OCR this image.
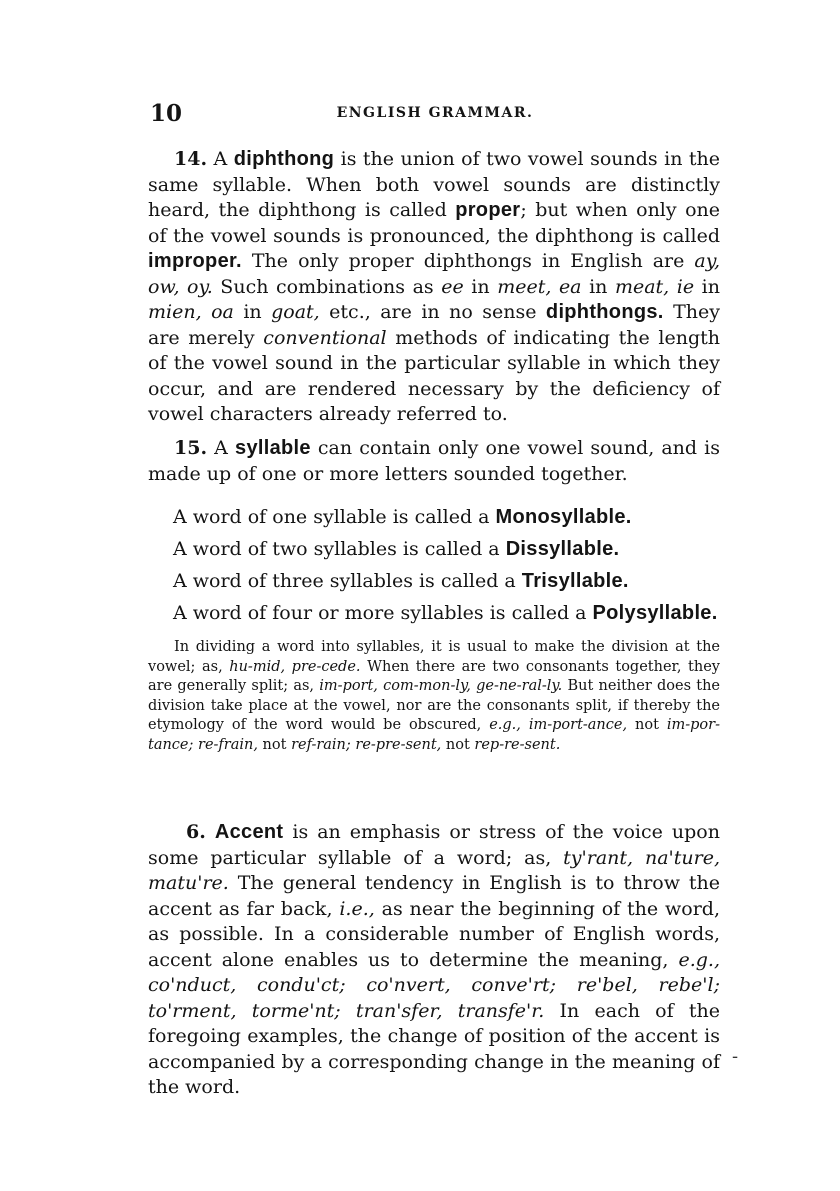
10	ENGLISH GRAMMAR.

14. A diphthong is the union of two vowel sounds in the same syllable. When both vowel sounds are distinctly heard, the diphthong is called proper; but when only one of the vowel sounds is pronounced, the diphthong is called improper. The only proper diphthongs in English are ay, ow, oy. Such combinations as ee in meet, ea in meat, ie in mien, oa in goat, etc., are in no sense diphthongs. They are merely conventional methods of indicating the length of the vowel sound in the particular syllable in which they occur, and are rendered necessary by the deficiency of vowel characters already referred to.

15. A syllable can contain only one vowel sound, and is made up of one or more letters sounded together.

A word of one syllable is called a Monosyllable.
A word of two syllables is called a Dissyllable.
A word of three syllables is called a Trisyllable.
A word of four or more syllables is called a Polysyllable.

In dividing a word into syllables, it is usual to make the division at the vowel; as, hu-mid, pre-cede. When there are two consonants together, they are generally split; as, im-port, com-mon-ly, ge-ne-ral-ly. But neither does the division take place at the vowel, nor are the consonants split, if thereby the etymology of the word would be obscured, e.g., im-port-ance, not im-por-tance; re-frain, not ref-rain; re-pre-sent, not rep-re-sent.

6. Accent is an emphasis or stress of the voice upon some particular syllable of a word; as, ty'rant, na'ture, matu're. The general tendency in English is to throw the accent as far back, i.e., as near the beginning of the word, as possible. In a considerable number of English words, accent alone enables us to determine the meaning, e.g., co'nduct, condu'ct; co'nvert, conve'rt; re'bel, rebe'l; to'rment, torme'nt; tran'sfer, transfe'r. In each of the foregoing examples, the change of position of the accent is accompanied by a corresponding change in the meaning of the word.

-
